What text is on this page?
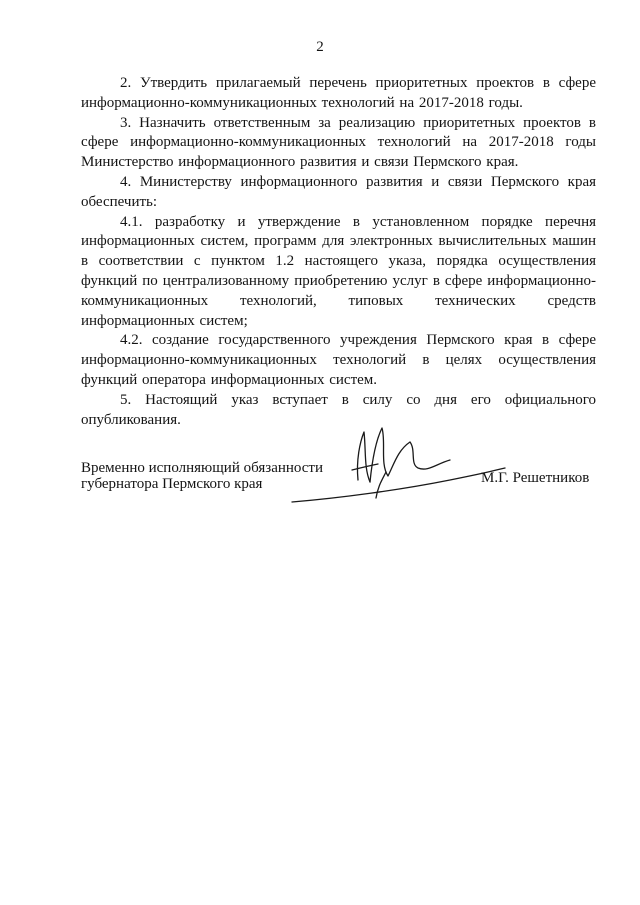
2

2. Утвердить прилагаемый перечень приоритетных проектов в сфере информационно-коммуникационных технологий на 2017-2018 годы.

3. Назначить ответственным за реализацию приоритетных проектов в сфере информационно-коммуникационных технологий на 2017-2018 годы Министерство информационного развития и связи Пермского края.

4. Министерству информационного развития и связи Пермского края обеспечить:

4.1. разработку и утверждение в установленном порядке перечня информационных систем, программ для электронных вычислительных машин в соответствии с пунктом 1.2 настоящего указа, порядка осуществления функций по централизованному приобретению услуг в сфере информационно-коммуникационных технологий, типовых технических средств информационных систем;

4.2. создание государственного учреждения Пермского края в сфере информационно-коммуникационных технологий в целях осуществления функций оператора информационных систем.

5. Настоящий указ вступает в силу со дня его официального опубликования.

Временно исполняющий обязанности
губернатора Пермского края	М.Г. Решетников
